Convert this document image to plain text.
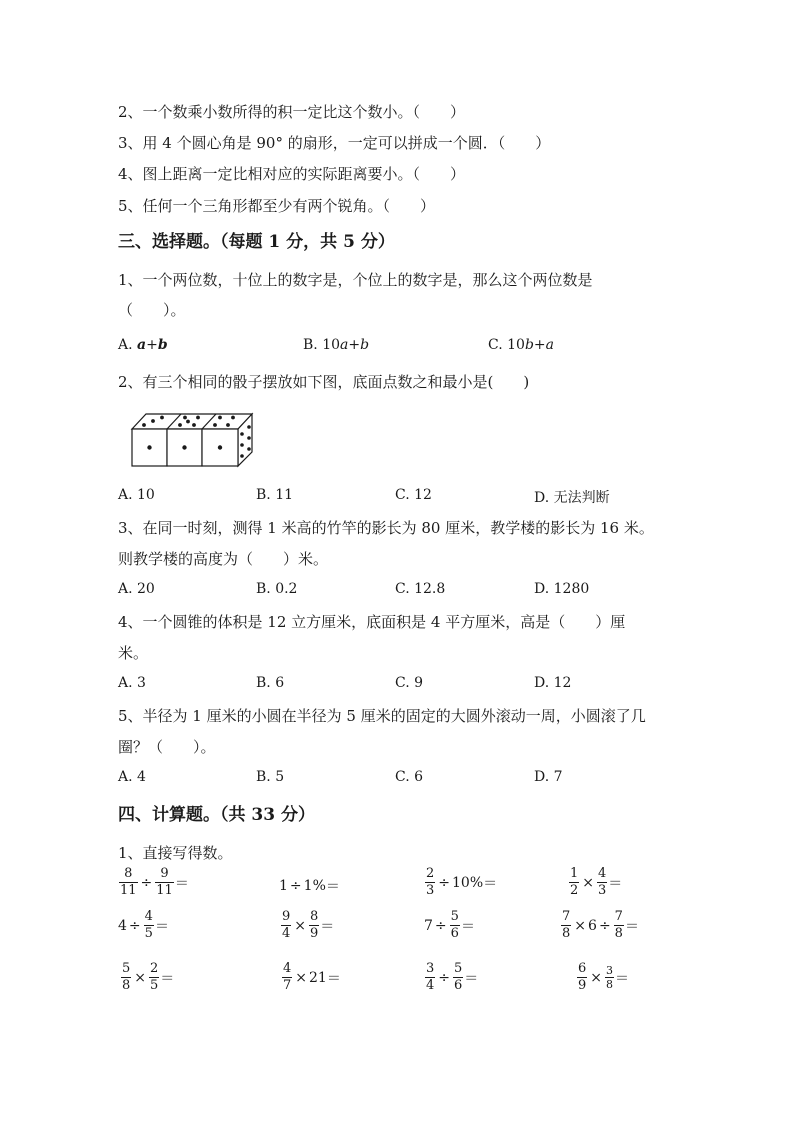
2、一个数乘小数所得的积一定比这个数小。（　　）
3、用 4 个圆心角是 90° 的扇形，一定可以拼成一个圆．（　　）
4、图上距离一定比相对应的实际距离要小。（　　）
5、任何一个三角形都至少有两个锐角。（　　）
三、选择题。（每题 1 分，共 5 分）
1、一个两位数，十位上的数字是，个位上的数字是，那么这个两位数是
（　　）。
A. a+b	B. 10a+b	C. 10b+a
2、有三个相同的骰子摆放如下图，底面点数之和最小是(　　)
A. 10	B. 11	C. 12	D. 无法判断
3、在同一时刻，测得 1 米高的竹竿的影长为 80 厘米，教学楼的影长为 16 米。
则教学楼的高度为（　　）米。
A. 20	B. 0.2	C. 12.8	D. 1280
4、一个圆锥的体积是 12 立方厘米，底面积是 4 平方厘米，高是（　　）厘
米。
A. 3	B. 6	C. 9	D. 12
5、半径为 1 厘米的小圆在半径为 5 厘米的固定的大圆外滚动一周，小圆滚了几
圈？（　　）。
A. 4	B. 5	C. 6	D. 7
四、计算题。（共 33 分）
1、直接写得数。
$\frac{8}{11} \div \frac{9}{11}$ ＝	1 ÷ 1% ＝	$\frac{2}{3} \div 10\%$ ＝	$\frac{1}{2} \times \frac{4}{3}$ ＝
$4 \div \frac{4}{5}$ ＝	$\frac{9}{4} \times \frac{8}{9}$ ＝	$7 \div \frac{5}{6}$ ＝	$\frac{7}{8} \times 6 \div \frac{7}{8}$ ＝
$\frac{5}{8} \times \frac{2}{5}$ ＝	$\frac{4}{7} \times 21$ ＝	$\frac{3}{4} \div \frac{5}{6}$ ＝	$\frac{6}{9} \times \frac{3}{8}$ ＝
